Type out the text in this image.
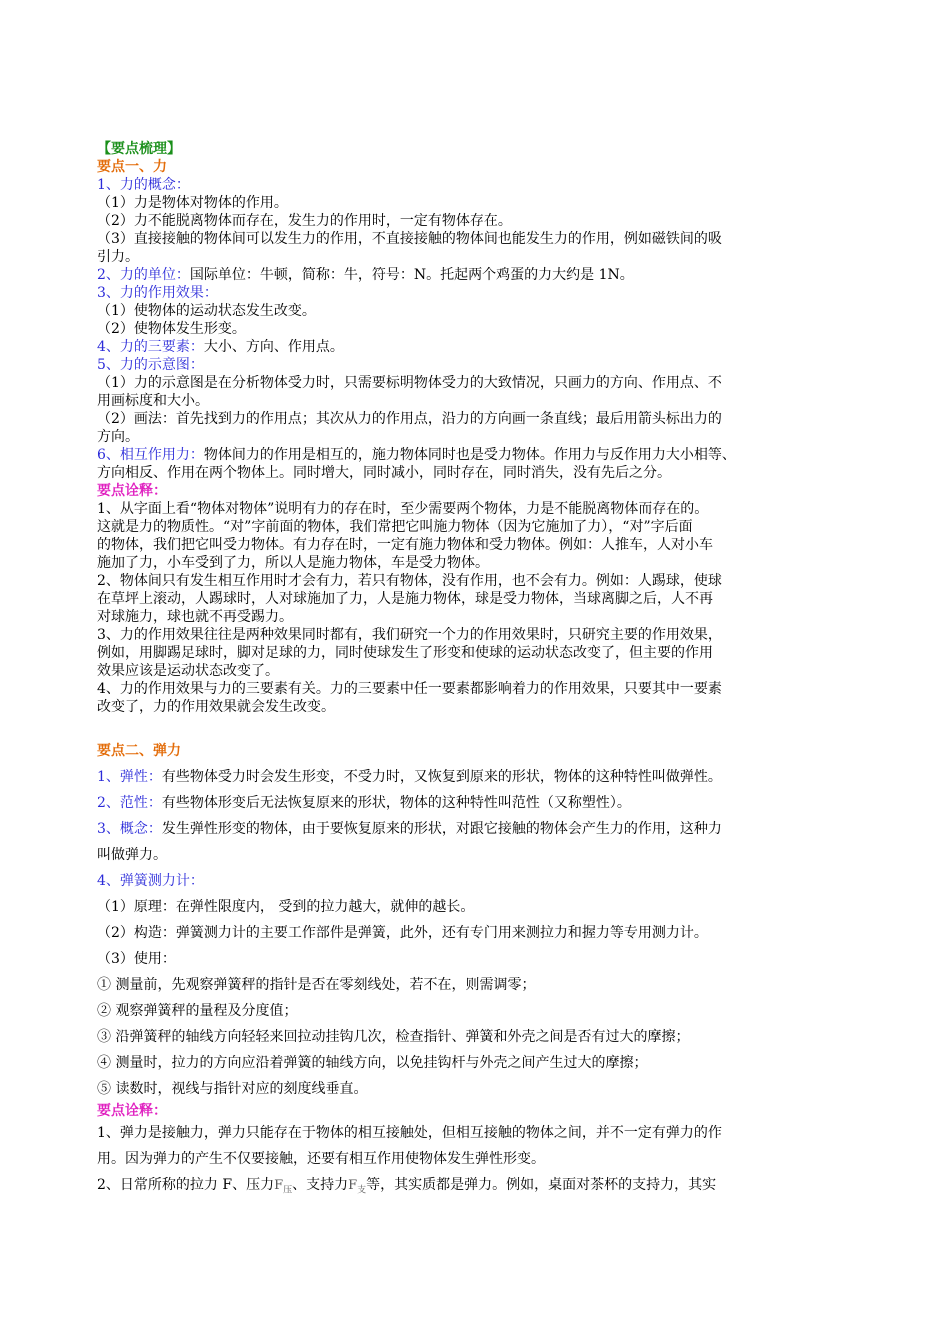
【要点梳理】
要点一、力
1、力的概念：
（1）力是物体对物体的作用。
（2）力不能脱离物体而存在，发生力的作用时，一定有物体存在。
（3）直接接触的物体间可以发生力的作用，不直接接触的物体间也能发生力的作用，例如磁铁间的吸
引力。
2、力的单位：国际单位：牛顿，简称：牛，符号：N。托起两个鸡蛋的力大约是 1N。
3、力的作用效果：
（1）使物体的运动状态发生改变。
（2）使物体发生形变。
4、力的三要素：大小、方向、作用点。
5、力的示意图：
（1）力的示意图是在分析物体受力时，只需要标明物体受力的大致情况，只画力的方向、作用点、不
用画标度和大小。
（2）画法：首先找到力的作用点；其次从力的作用点，沿力的方向画一条直线；最后用箭头标出力的
方向。
6、相互作用力：物体间力的作用是相互的，施力物体同时也是受力物体。作用力与反作用力大小相等、
方向相反、作用在两个物体上。同时增大，同时减小，同时存在，同时消失，没有先后之分。
要点诠释：
1、从字面上看“物体对物体”说明有力的存在时，至少需要两个物体，力是不能脱离物体而存在的。
这就是力的物质性。“对”字前面的物体，我们常把它叫施力物体（因为它施加了力），“对”字后面
的物体，我们把它叫受力物体。有力存在时，一定有施力物体和受力物体。例如：人推车，人对小车
施加了力，小车受到了力，所以人是施力物体，车是受力物体。
2、物体间只有发生相互作用时才会有力，若只有物体，没有作用，也不会有力。例如：人踢球，使球
在草坪上滚动，人踢球时，人对球施加了力，人是施力物体，球是受力物体，当球离脚之后，人不再
对球施力，球也就不再受踢力。
3、力的作用效果往往是两种效果同时都有，我们研究一个力的作用效果时，只研究主要的作用效果，
例如，用脚踢足球时，脚对足球的力，同时使球发生了形变和使球的运动状态改变了，但主要的作用
效果应该是运动状态改变了。
4、力的作用效果与力的三要素有关。力的三要素中任一要素都影响着力的作用效果，只要其中一要素
改变了，力的作用效果就会发生改变。
要点二、弹力
1、弹性：有些物体受力时会发生形变，不受力时，又恢复到原来的形状，物体的这种特性叫做弹性。
2、范性：有些物体形变后无法恢复原来的形状，物体的这种特性叫范性（又称塑性）。
3、概念：发生弹性形变的物体，由于要恢复原来的形状，对跟它接触的物体会产生力的作用，这种力
叫做弹力。
4、弹簧测力计：
（1）原理：在弹性限度内， 受到的拉力越大，就伸的越长。
（2）构造：弹簧测力计的主要工作部件是弹簧，此外，还有专门用来测拉力和握力等专用测力计。
（3）使用：
① 测量前，先观察弹簧秤的指针是否在零刻线处，若不在，则需调零；
② 观察弹簧秤的量程及分度值；
③ 沿弹簧秤的轴线方向轻轻来回拉动挂钩几次，检查指针、弹簧和外壳之间是否有过大的摩擦；
④ 测量时，拉力的方向应沿着弹簧的轴线方向，以免挂钩杆与外壳之间产生过大的摩擦；
⑤ 读数时，视线与指针对应的刻度线垂直。
要点诠释：
1、弹力是接触力，弹力只能存在于物体的相互接触处，但相互接触的物体之间，并不一定有弹力的作
用。因为弹力的产生不仅要接触，还要有相互作用使物体发生弹性形变。
2、日常所称的拉力 F、压力$F_压$、支持力$F_支$等，其实质都是弹力。例如，桌面对茶杯的支持力，其实
